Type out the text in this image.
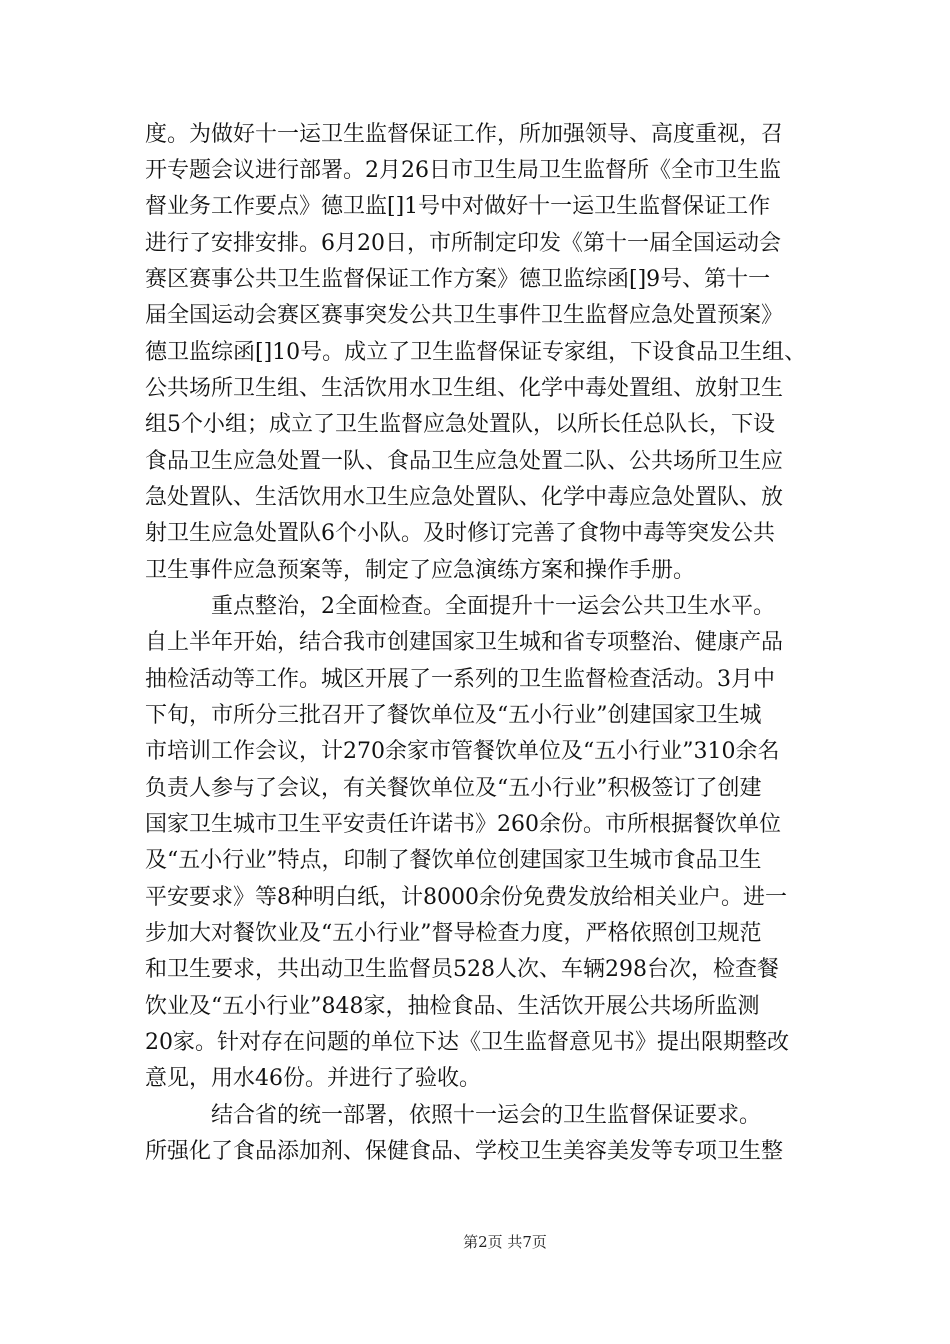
度。为做好十一运卫生监督保证工作，所加强领导、高度重视，召
开专题会议进行部署。2月26日市卫生局卫生监督所《全市卫生监
督业务工作要点》德卫监[]1号中对做好十一运卫生监督保证工作
进行了安排安排。6月20日，市所制定印发《第十一届全国运动会
赛区赛事公共卫生监督保证工作方案》德卫监综函[]9号、第十一
届全国运动会赛区赛事突发公共卫生事件卫生监督应急处置预案》
德卫监综函[]10号。成立了卫生监督保证专家组，下设食品卫生组、
公共场所卫生组、生活饮用水卫生组、化学中毒处置组、放射卫生
组5个小组；成立了卫生监督应急处置队，以所长任总队长，下设
食品卫生应急处置一队、食品卫生应急处置二队、公共场所卫生应
急处置队、生活饮用水卫生应急处置队、化学中毒应急处置队、放
射卫生应急处置队6个小队。及时修订完善了食物中毒等突发公共
卫生事件应急预案等，制定了应急演练方案和操作手册。
　　　重点整治，2全面检查。全面提升十一运会公共卫生水平。
自上半年开始，结合我市创建国家卫生城和省专项整治、健康产品
抽检活动等工作。城区开展了一系列的卫生监督检查活动。3月中
下旬，市所分三批召开了餐饮单位及“五小行业”创建国家卫生城
市培训工作会议，计270余家市管餐饮单位及“五小行业”310余名
负责人参与了会议，有关餐饮单位及“五小行业”积极签订了创建
国家卫生城市卫生平安责任许诺书》260余份。市所根据餐饮单位
及“五小行业”特点，印制了餐饮单位创建国家卫生城市食品卫生
平安要求》等8种明白纸，计8000余份免费发放给相关业户。进一
步加大对餐饮业及“五小行业”督导检查力度，严格依照创卫规范
和卫生要求，共出动卫生监督员528人次、车辆298台次，检查餐
饮业及“五小行业”848家，抽检食品、生活饮开展公共场所监测
20家。针对存在问题的单位下达《卫生监督意见书》提出限期整改
意见，用水46份。并进行了验收。
　　　结合省的统一部署，依照十一运会的卫生监督保证要求。
所强化了食品添加剂、保健食品、学校卫生美容美发等专项卫生整
第2页 共7页
